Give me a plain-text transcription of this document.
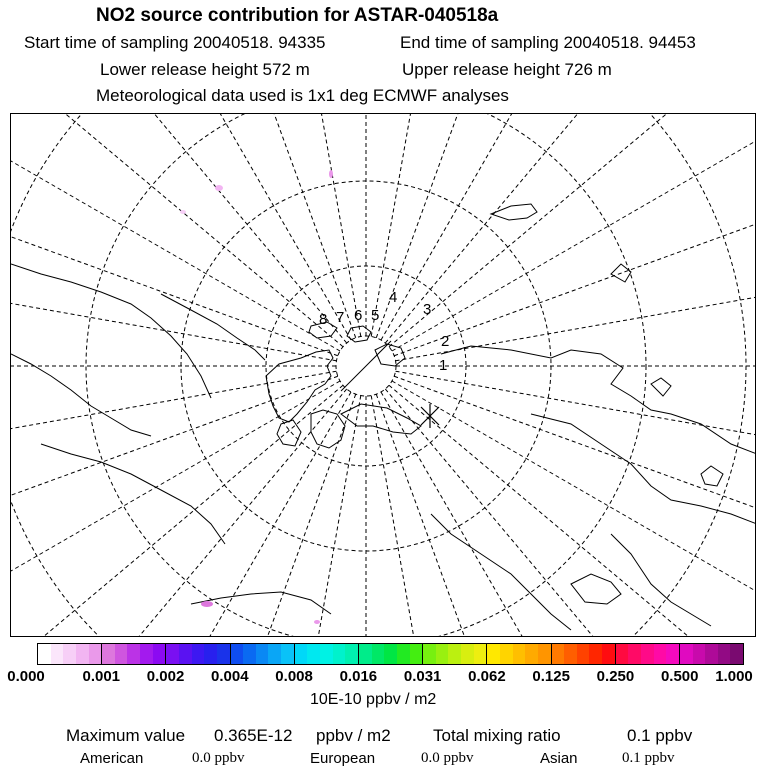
NO2 source contribution for ASTAR-040518a
Start time of sampling 20040518. 94335	End time of sampling 20040518. 94453
Lower release height 572 m	Upper release height 726 m
Meteorological data used is 1x1 deg ECMWF analyses
8 7 6 5
4
3
2
1
0.000	0.001 0.002 0.004 0.008 0.016 0.031 0.062 0.125 0.250 0.500 1.000
10E-10 ppbv / m2
Maximum value 0.365E-12 ppbv / m2 Total mixing ratio	0.1 ppbv
American	0.0 ppbv	European	0.0 ppbv	Asian	0.1 ppbv
